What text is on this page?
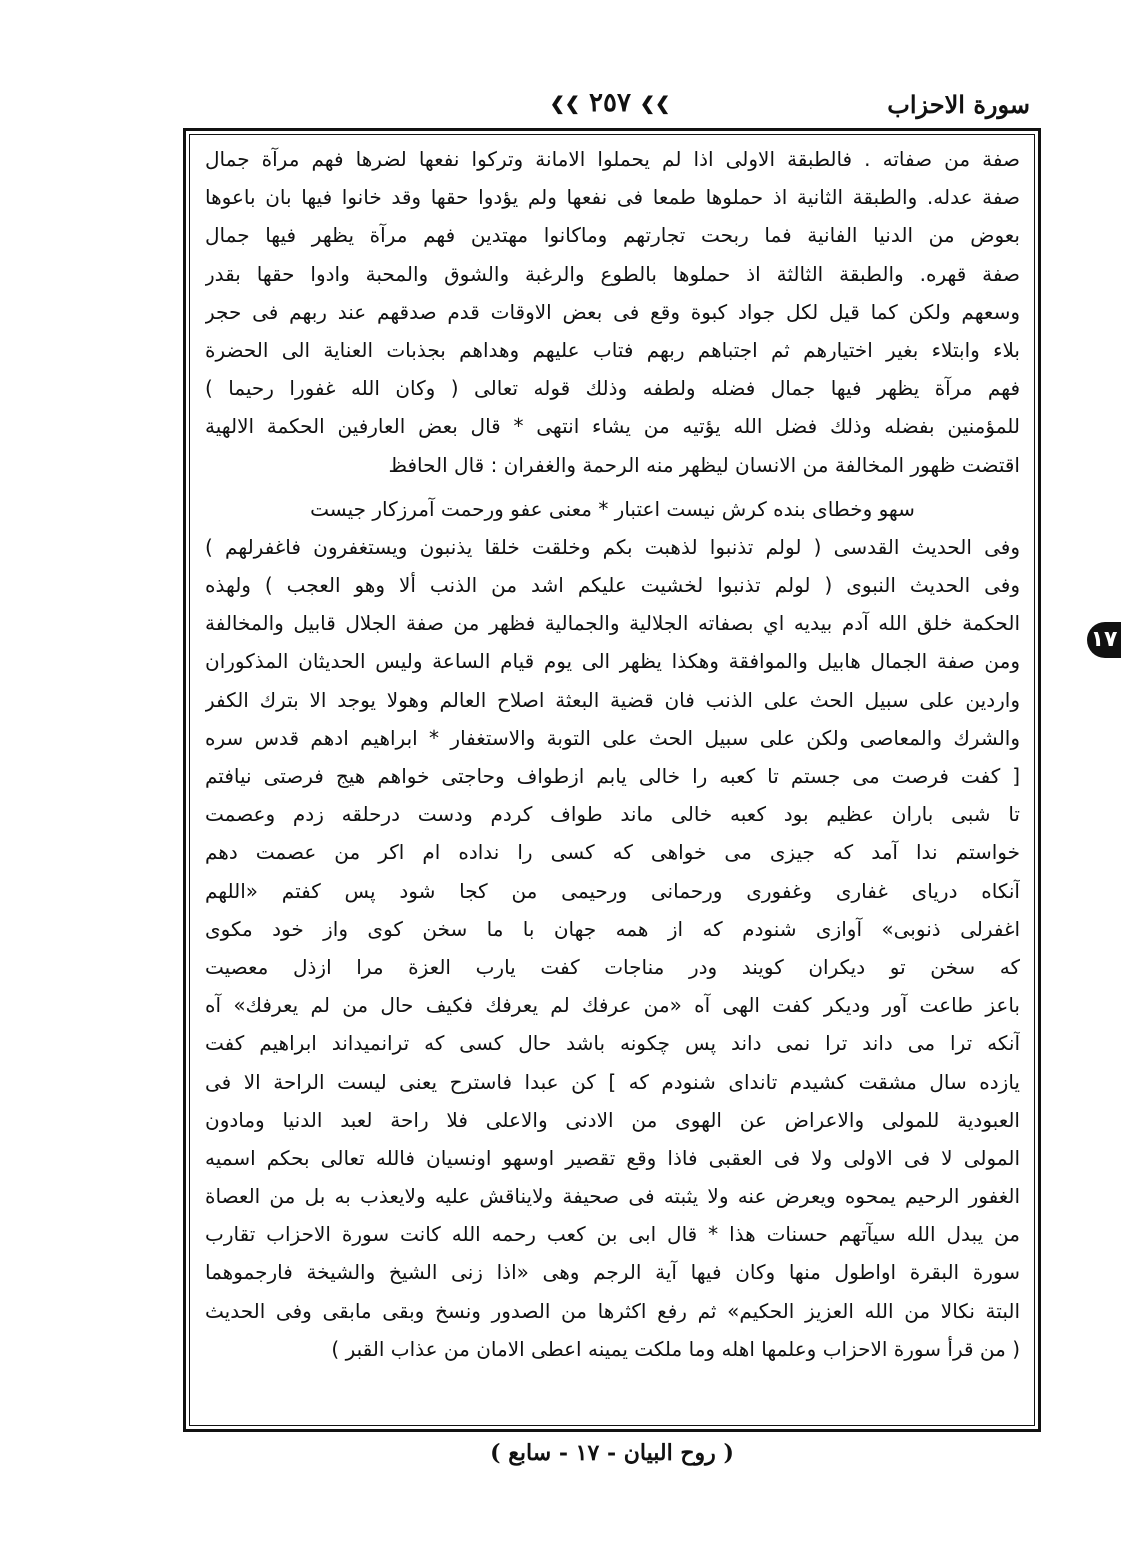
سورة الاحزاب
❮❮ ٢٥٧ ❮❮
صفة من صفاته . فالطبقة الاولى اذا لم يحملوا الامانة وتركوا نفعها لضرها فهم مرآة جمال
صفة عدله. والطبقة الثانية اذ حملوها طمعا فى نفعها ولم يؤدوا حقها وقد خانوا فيها بان باعوها
بعوض من الدنيا الفانية فما ربحت تجارتهم وماكانوا مهتدين فهم مرآة يظهر فيها جمال
صفة قهره. والطبقة الثالثة اذ حملوها بالطوع والرغبة والشوق والمحبة وادوا حقها بقدر
وسعهم ولكن كما قيل لكل جواد كبوة وقع فى بعض الاوقات قدم صدقهم عند ربهم فى حجر
بلاء وابتلاء بغير اختيارهم ثم اجتباهم ربهم فتاب عليهم وهداهم بجذبات العناية الى الحضرة
فهم مرآة يظهر فيها جمال فضله ولطفه وذلك قوله تعالى ( وكان الله غفورا رحيما )
للمؤمنين بفضله وذلك فضل الله يؤتيه من يشاء انتهى * قال بعض العارفين الحكمة الالهية
اقتضت ظهور المخالفة من الانسان ليظهر منه الرحمة والغفران : قال الحافظ
سهو وخطاى بنده كرش نيست اعتبار * معنى عفو ورحمت آمرزكار جيست
وفى الحديث القدسى ( لولم تذنبوا لذهبت بكم وخلقت خلقا يذنبون ويستغفرون فاغفرلهم )
وفى الحديث النبوى ( لولم تذنبوا لخشيت عليكم اشد من الذنب ألا وهو العجب ) ولهذه
الحكمة خلق الله آدم بيديه اي بصفاته الجلالية والجمالية فظهر من صفة الجلال قابيل والمخالفة
ومن صفة الجمال هابيل والموافقة وهكذا يظهر الى يوم قيام الساعة وليس الحديثان المذكوران
واردين على سبيل الحث على الذنب فان قضية البعثة اصلاح العالم وهولا يوجد الا بترك الكفر
والشرك والمعاصى ولكن على سبيل الحث على التوبة والاستغفار * ابراهيم ادهم قدس سره
[ كفت فرصت مى جستم تا كعبه را خالى يابم ازطواف وحاجتى خواهم هيج فرصتى نيافتم
تا شبى باران عظيم بود كعبه خالى ماند طواف كردم ودست درحلقه زدم وعصمت
خواستم ندا آمد كه جيزى مى خواهى كه كسى را نداده ام اكر من عصمت دهم
آنكاه درياى غفارى وغفورى ورحمانى ورحيمى من كجا شود پس كفتم «اللهم
اغفرلى ذنوبى» آوازى شنودم كه از همه جهان با ما سخن كوى واز خود مكوى
كه سخن تو ديكران كويند ودر مناجات كفت يارب العزة مرا ازذل معصيت
باعز طاعت آور وديكر كفت الهى آه «من عرفك لم يعرفك فكيف حال من لم يعرفك» آه
آنكه ترا مى داند ترا نمى داند پس چكونه باشد حال كسى كه ترانميداند ابراهيم كفت
يازده سال مشقت كشيدم تانداى شنودم كه ] كن عبدا فاسترح يعنى ليست الراحة الا فى
العبودية للمولى والاعراض عن الهوى من الادنى والاعلى فلا راحة لعبد الدنيا ومادون
المولى لا فى الاولى ولا فى العقبى فاذا وقع تقصير اوسهو اونسيان فالله تعالى بحكم اسميه
الغفور الرحيم يمحوه ويعرض عنه ولا يثبته فى صحيفة ولايناقش عليه ولايعذب به بل من العصاة
من يبدل الله سيآتهم حسنات هذا * قال ابى بن كعب رحمه الله كانت سورة الاحزاب تقارب
سورة البقرة اواطول منها وكان فيها آية الرجم وهى «اذا زنى الشيخ والشيخة فارجموهما
البتة نكالا من الله العزيز الحكيم» ثم رفع اكثرها من الصدور ونسخ وبقى مابقى وفى الحديث
( من قرأ سورة الاحزاب وعلمها اهله وما ملكت يمينه اعطى الامان من عذاب القبر )
( روح البيان - ١٧ - سابع )
١٧
